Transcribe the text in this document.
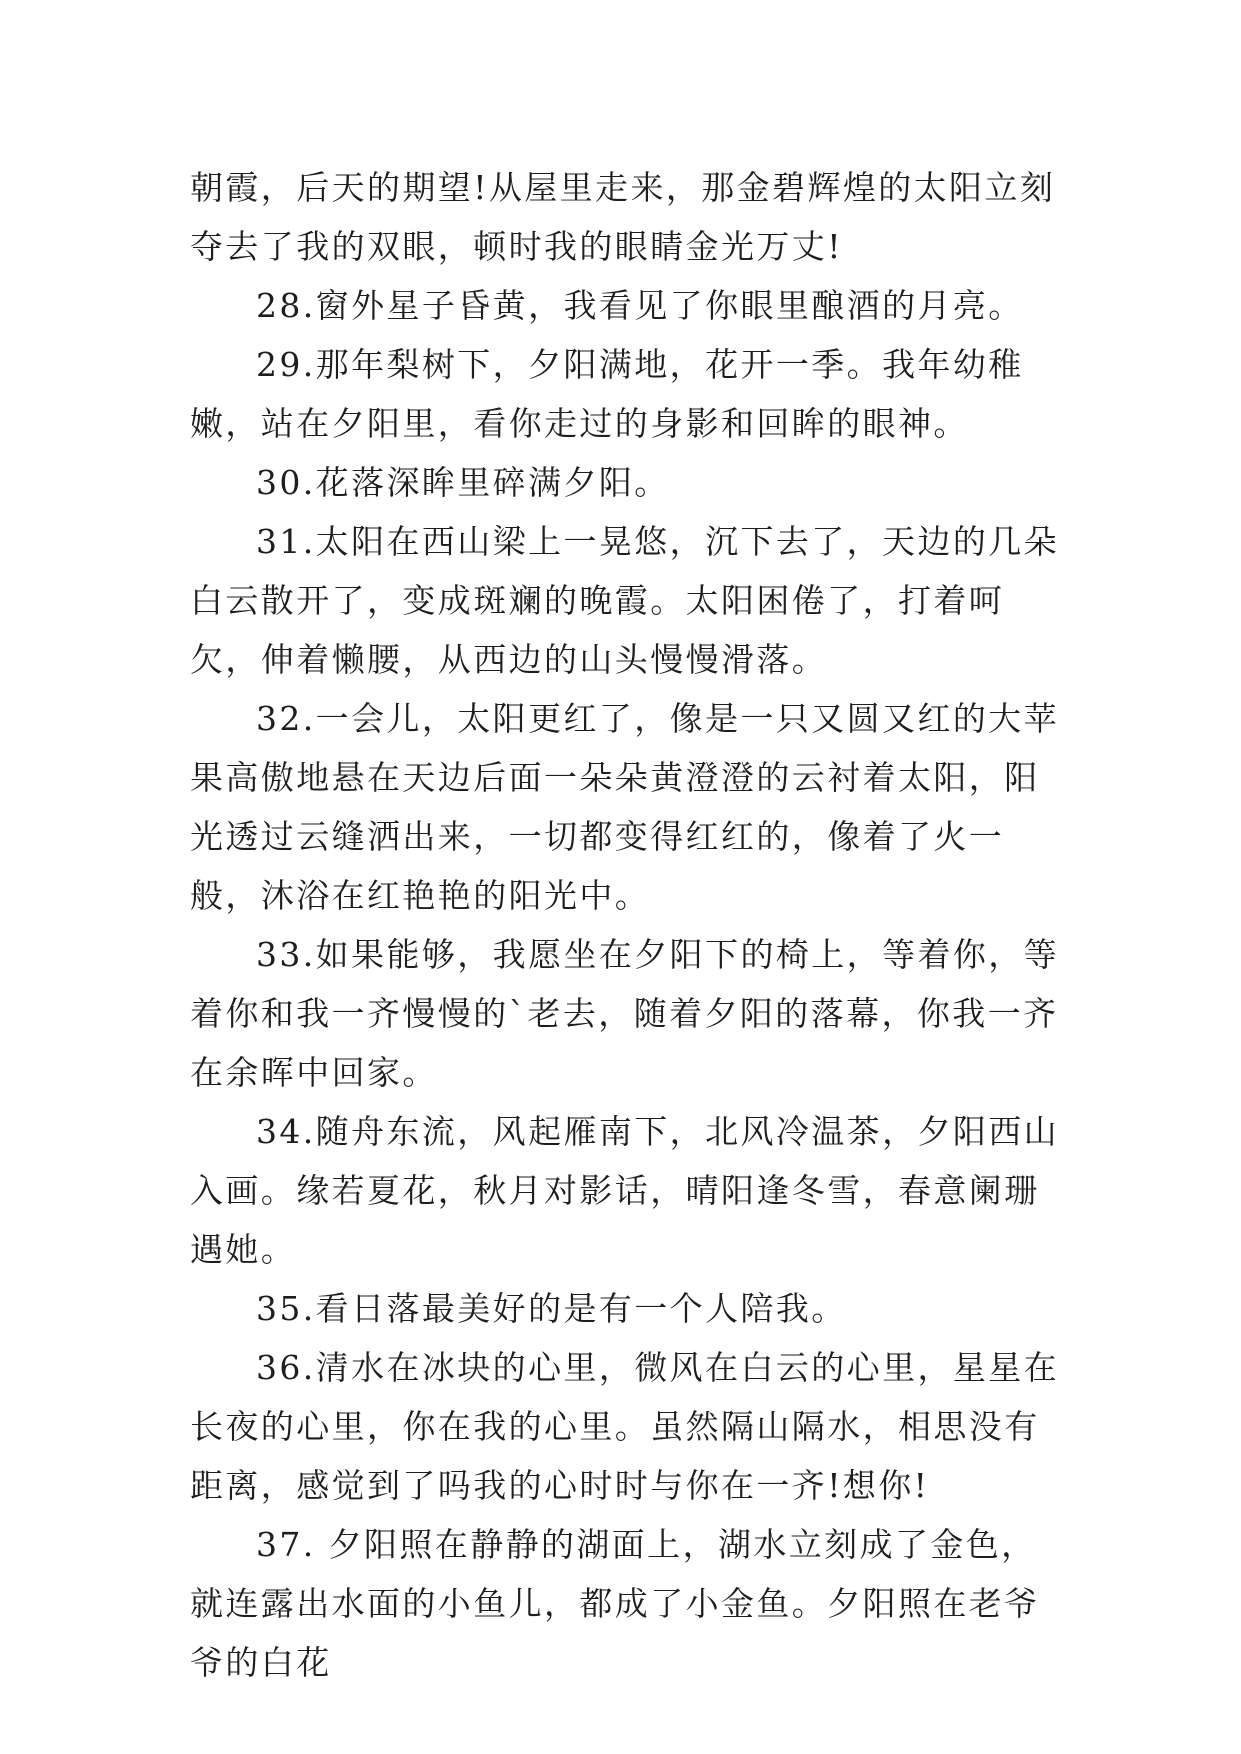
朝霞，后天的期望!从屋里走来，那金碧辉煌的太阳立刻夺去了我的双眼，顿时我的眼睛金光万丈!

28.窗外星子昏黄，我看见了你眼里酿酒的月亮。

29.那年梨树下，夕阳满地，花开一季。我年幼稚嫩，站在夕阳里，看你走过的身影和回眸的眼神。

30.花落深眸里碎满夕阳。

31.太阳在西山梁上一晃悠，沉下去了，天边的几朵白云散开了，变成斑斓的晚霞。太阳困倦了，打着呵欠，伸着懒腰，从西边的山头慢慢滑落。

32.一会儿，太阳更红了，像是一只又圆又红的大苹果高傲地悬在天边后面一朵朵黄澄澄的云衬着太阳，阳光透过云缝洒出来，一切都变得红红的，像着了火一般，沐浴在红艳艳的阳光中。

33.如果能够，我愿坐在夕阳下的椅上，等着你，等着你和我一齐慢慢的`老去，随着夕阳的落幕，你我一齐在余晖中回家。

34.随舟东流，风起雁南下，北风冷温茶，夕阳西山入画。缘若夏花，秋月对影话，晴阳逢冬雪，春意阑珊遇她。

35.看日落最美好的是有一个人陪我。

36.清水在冰块的心里，微风在白云的心里，星星在长夜的心里，你在我的心里。虽然隔山隔水，相思没有距离，感觉到了吗我的心时时与你在一齐!想你!

37. 夕阳照在静静的湖面上，湖水立刻成了金色，就连露出水面的小鱼儿，都成了小金鱼。夕阳照在老爷爷的白花
